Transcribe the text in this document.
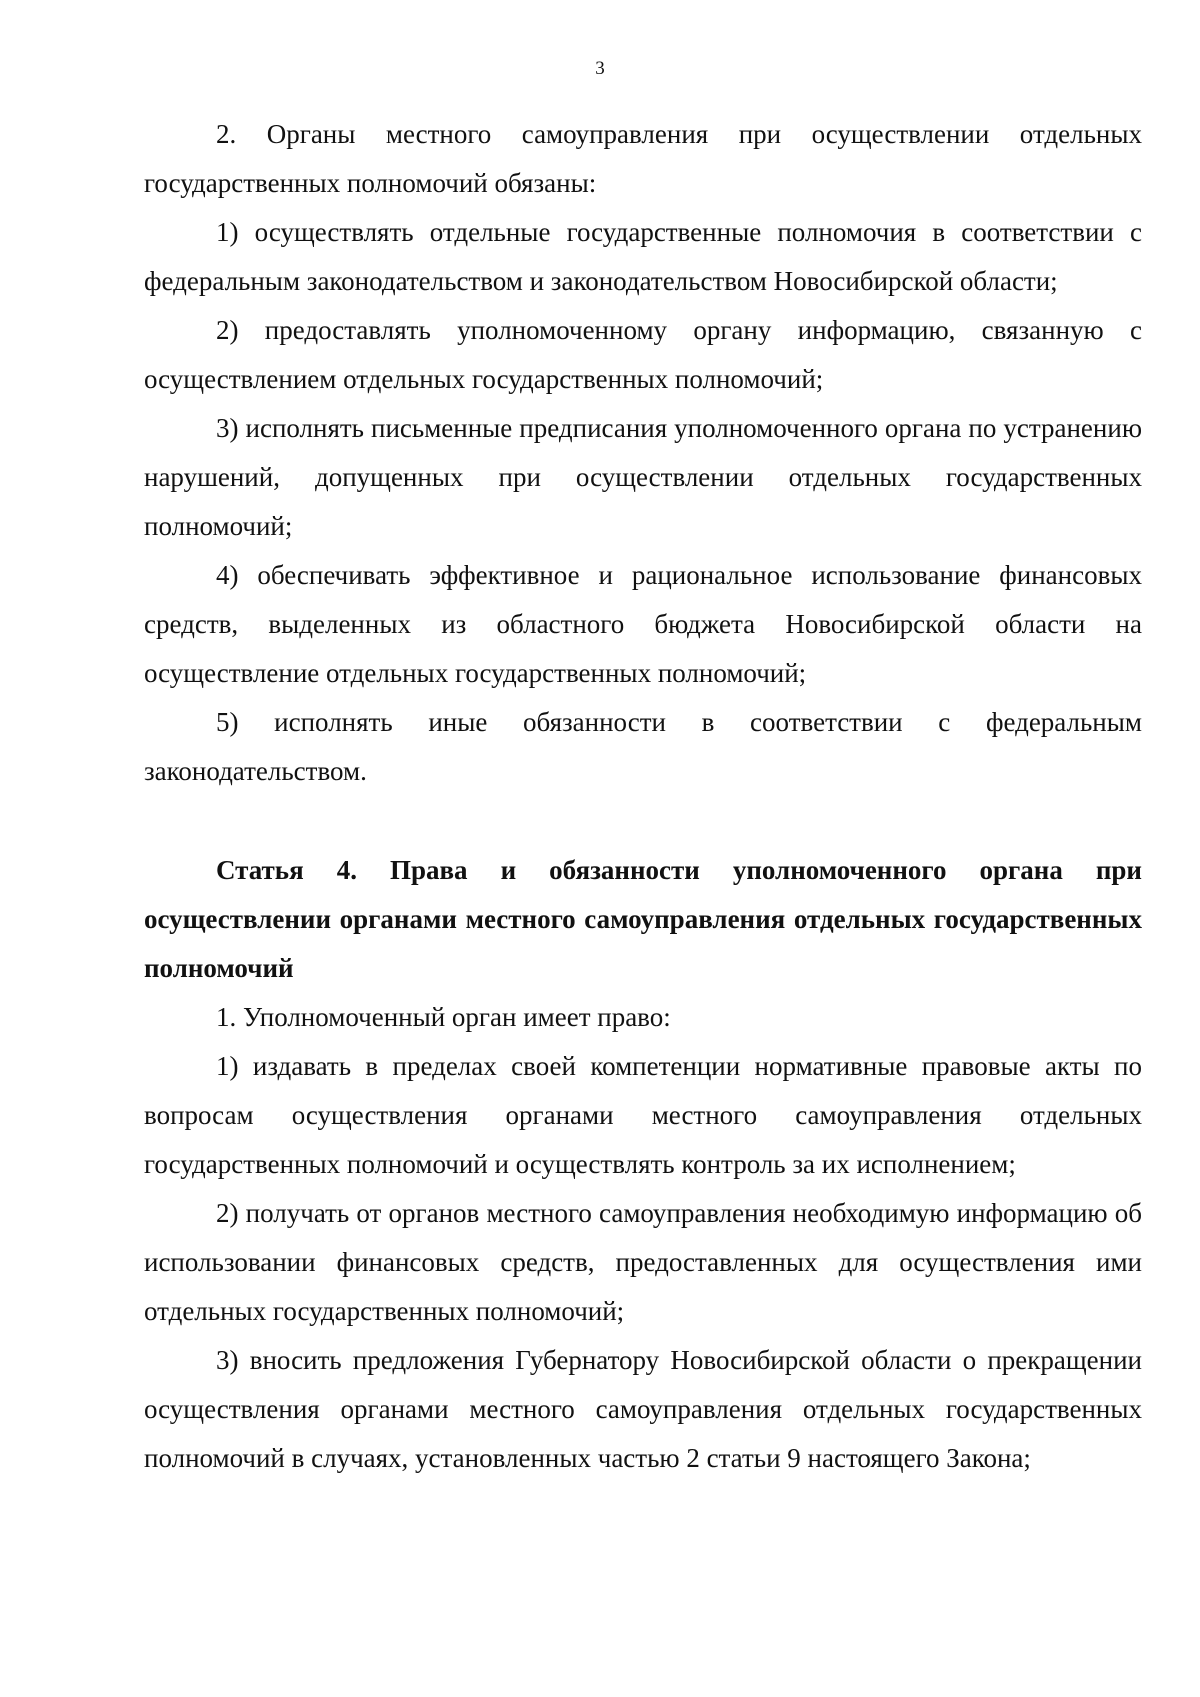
3

2. Органы местного самоуправления при осуществлении отдельных государственных полномочий обязаны:

1) осуществлять отдельные государственные полномочия в соответствии с федеральным законодательством и законодательством Новосибирской области;

2) предоставлять уполномоченному органу информацию, связанную с осуществлением отдельных государственных полномочий;

3) исполнять письменные предписания уполномоченного органа по устранению нарушений, допущенных при осуществлении отдельных государственных полномочий;

4) обеспечивать эффективное и рациональное использование финансовых средств, выделенных из областного бюджета Новосибирской области на осуществление отдельных государственных полномочий;

5) исполнять иные обязанности в соответствии с федеральным законодательством.

Статья 4. Права и обязанности уполномоченного органа при осуществлении органами местного самоуправления отдельных государственных полномочий

1. Уполномоченный орган имеет право:

1) издавать в пределах своей компетенции нормативные правовые акты по вопросам осуществления органами местного самоуправления отдельных государственных полномочий и осуществлять контроль за их исполнением;

2) получать от органов местного самоуправления необходимую информацию об использовании финансовых средств, предоставленных для осуществления ими отдельных государственных полномочий;

3) вносить предложения Губернатору Новосибирской области о прекращении осуществления органами местного самоуправления отдельных государственных полномочий в случаях, установленных частью 2 статьи 9 настоящего Закона;
